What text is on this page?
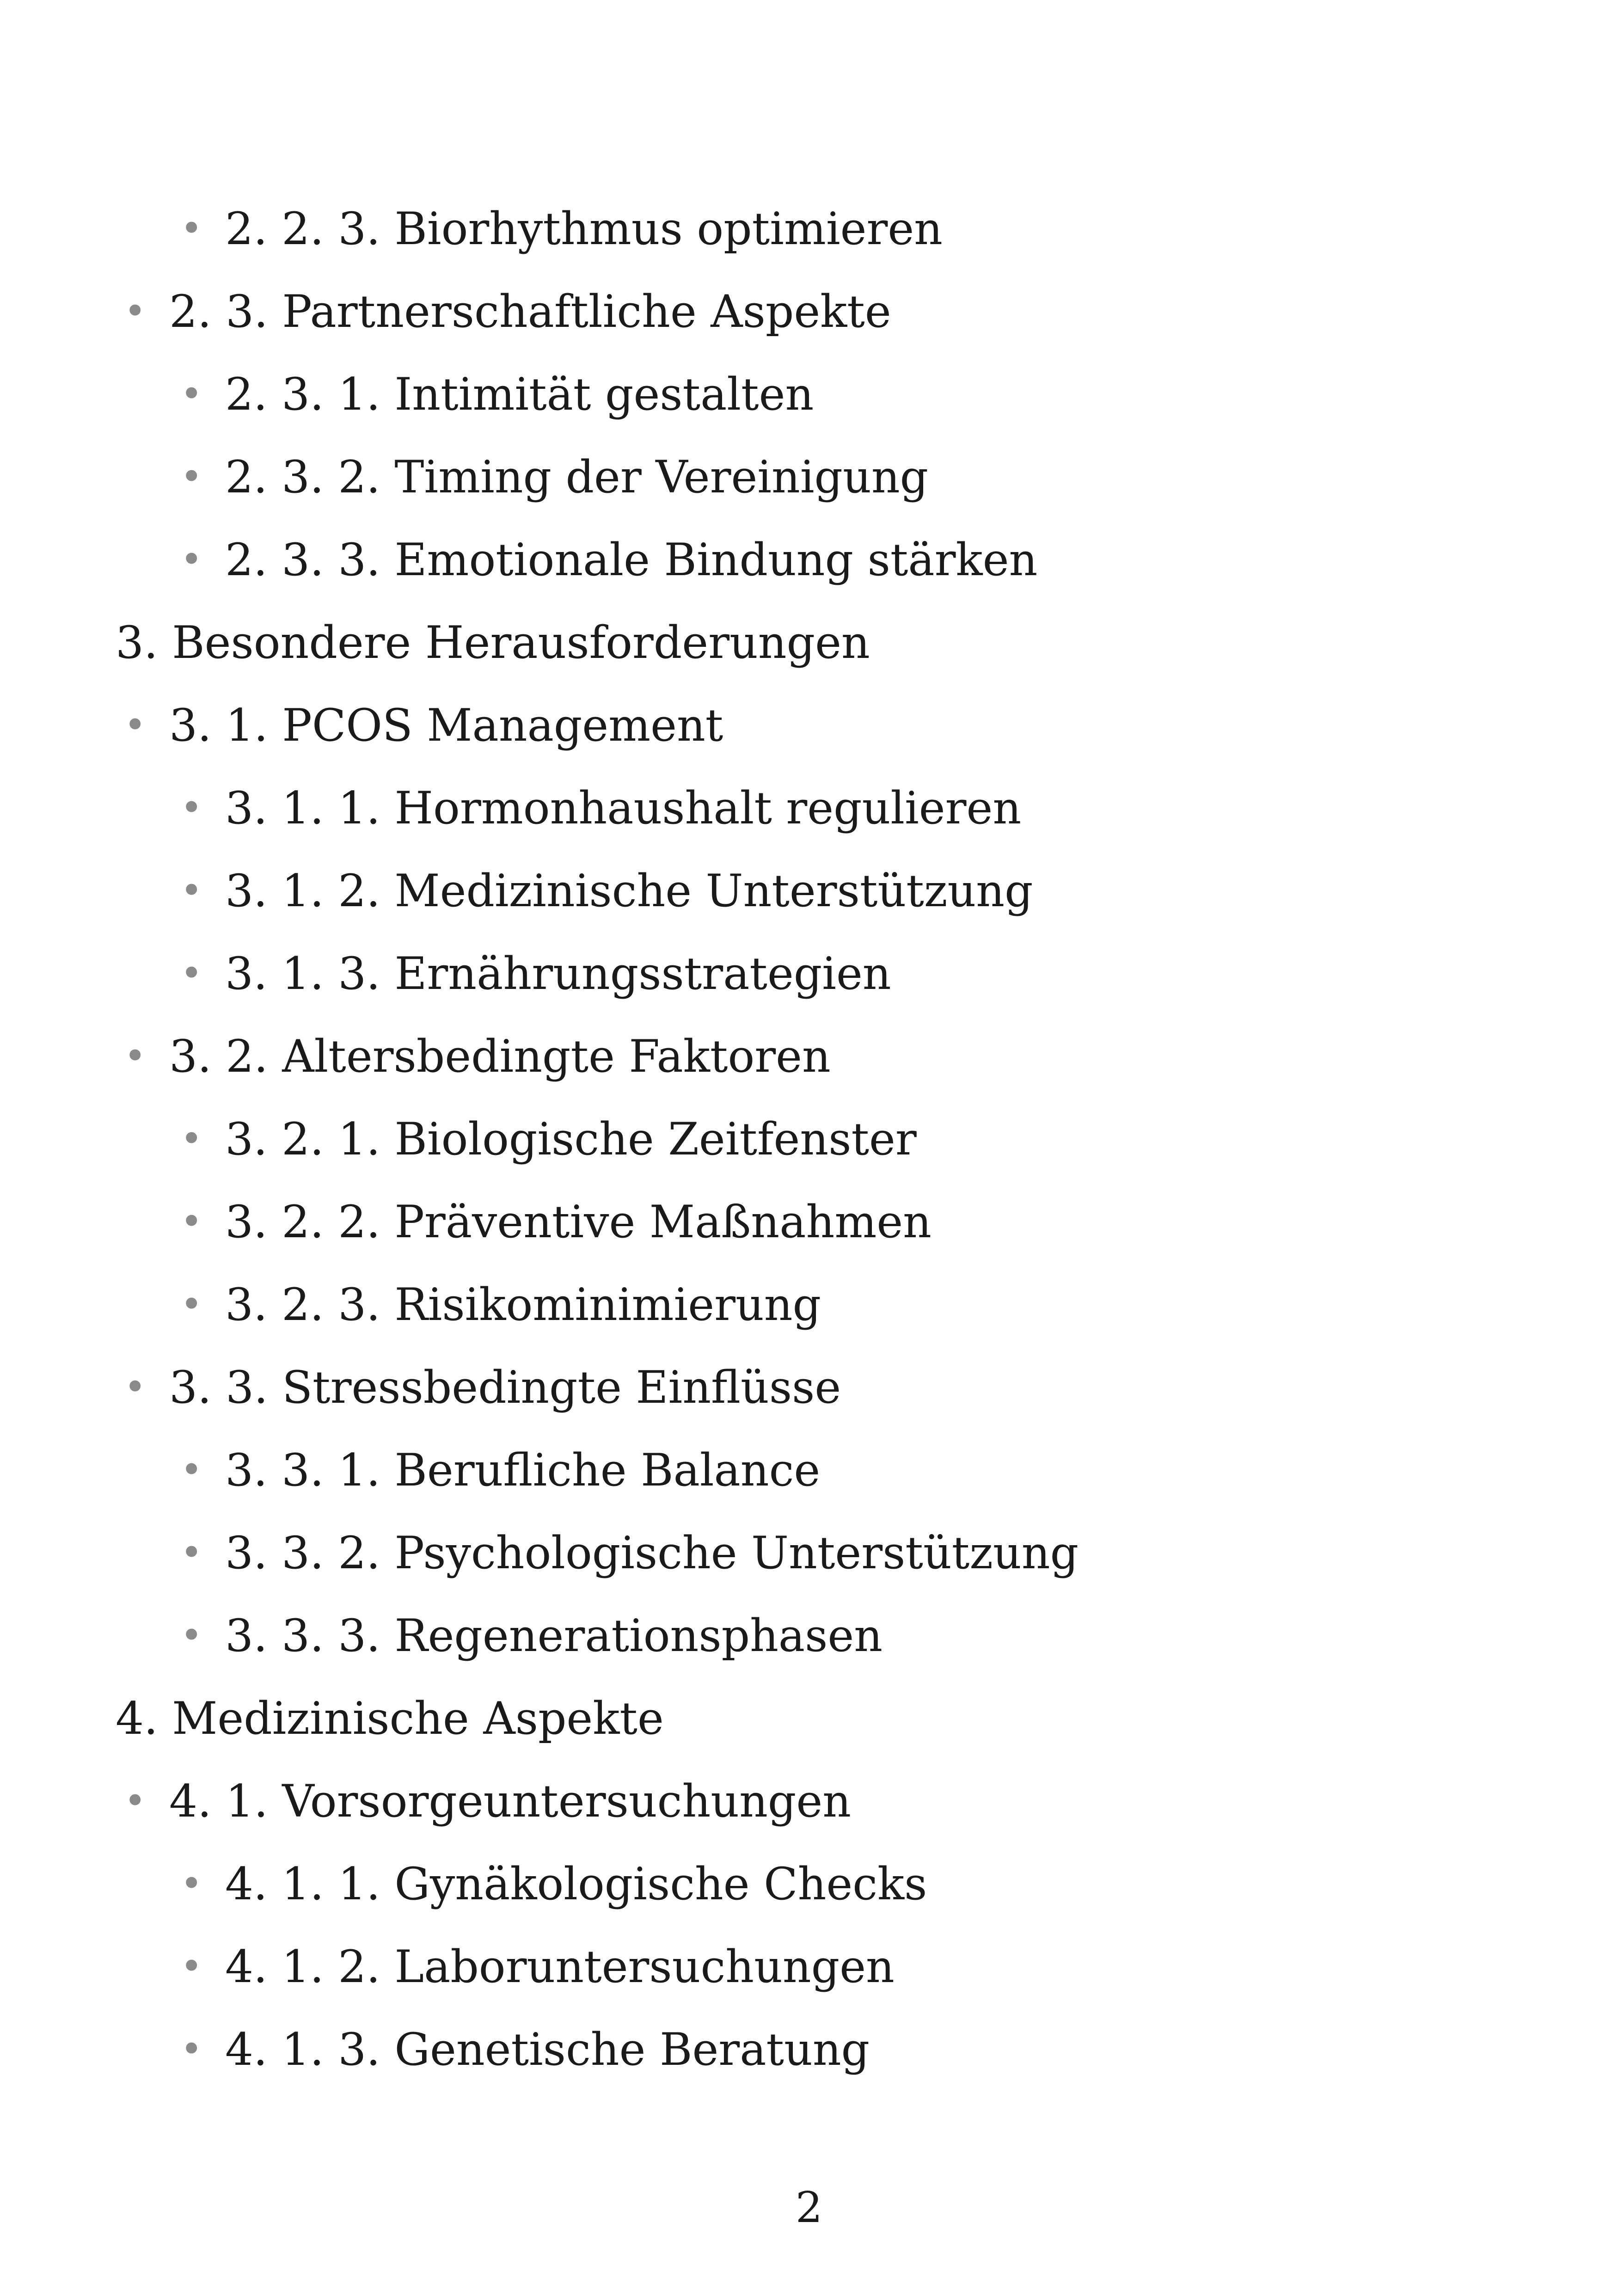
• 2. 2. 3. Biorhythmus optimieren
• 2. 3. Partnerschaftliche Aspekte
• 2. 3. 1. Intimität gestalten
• 2. 3. 2. Timing der Vereinigung
• 2. 3. 3. Emotionale Bindung stärken
3. Besondere Herausforderungen
• 3. 1. PCOS Management
• 3. 1. 1. Hormonhaushalt regulieren
• 3. 1. 2. Medizinische Unterstützung
• 3. 1. 3. Ernährungsstrategien
• 3. 2. Altersbedingte Faktoren
• 3. 2. 1. Biologische Zeitfenster
• 3. 2. 2. Präventive Maßnahmen
• 3. 2. 3. Risikominimierung
• 3. 3. Stressbedingte Einflüsse
• 3. 3. 1. Berufliche Balance
• 3. 3. 2. Psychologische Unterstützung
• 3. 3. 3. Regenerationsphasen
4. Medizinische Aspekte
• 4. 1. Vorsorgeuntersuchungen
• 4. 1. 1. Gynäkologische Checks
• 4. 1. 2. Laboruntersuchungen
• 4. 1. 3. Genetische Beratung
2
